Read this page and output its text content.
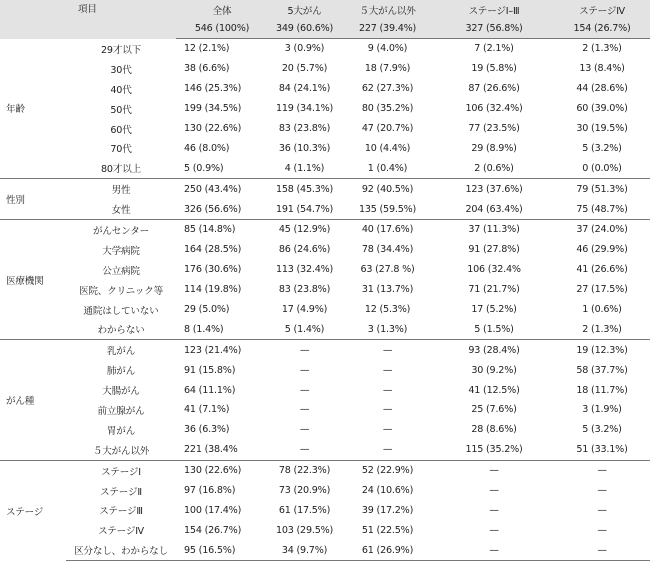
項目		全体	5大がん	５大がん以外	ステージⅠ–Ⅲ	ステージⅣ
		546 (100%)	349 (60.6%)	227 (39.4%)	327 (56.8%)	154 (26.7%)
年齢	29才以下	12 (2.1%)	3 (0.9%)	9 (4.0%)	7 (2.1%)	2 (1.3%)
	30代	38 (6.6%)	20 (5.7%)	18 (7.9%)	19 (5.8%)	13 (8.4%)
	40代	146 (25.3%)	84 (24.1%)	62 (27.3%)	87 (26.6%)	44 (28.6%)
	50代	199 (34.5%)	119 (34.1%)	80 (35.2%)	106 (32.4%)	60 (39.0%)
	60代	130 (22.6%)	83 (23.8%)	47 (20.7%)	77 (23.5%)	30 (19.5%)
	70代	46 (8.0%)	36 (10.3%)	10 (4.4%)	29 (8.9%)	5 (3.2%)
	80才以上	5 (0.9%)	4 (1.1%)	1 (0.4%)	2 (0.6%)	0 (0.0%)
性別	男性	250 (43.4%)	158 (45.3%)	92 (40.5%)	123 (37.6%)	79 (51.3%)
	女性	326 (56.6%)	191 (54.7%)	135 (59.5%)	204 (63.4%)	75 (48.7%)
医療機関	がんセンター	85 (14.8%)	45 (12.9%)	40 (17.6%)	37 (11.3%)	37 (24.0%)
	大学病院	164 (28.5%)	86 (24.6%)	78 (34.4%)	91 (27.8%)	46 (29.9%)
	公立病院	176 (30.6%)	113 (32.4%)	63 (27.8 %)	106 (32.4%	41 (26.6%)
	医院、クリニック等	114 (19.8%)	83 (23.8%)	31 (13.7%)	71 (21.7%)	27 (17.5%)
	通院はしていない	29 (5.0%)	17 (4.9%)	12 (5.3%)	17 (5.2%)	1 (0.6%)
	わからない	8 (1.4%)	5 (1.4%)	3 (1.3%)	5 (1.5%)	2 (1.3%)
がん種	乳がん	123 (21.4%)	—	—	93 (28.4%)	19 (12.3%)
	肺がん	91 (15.8%)	—	—	30 (9.2%)	58 (37.7%)
	大腸がん	64 (11.1%)	—	—	41 (12.5%)	18 (11.7%)
	前立腺がん	41 (7.1%)	—	—	25 (7.6%)	3 (1.9%)
	胃がん	36 (6.3%)	—	—	28 (8.6%)	5 (3.2%)
	５大がん以外	221 (38.4%	—	—	115 (35.2%)	51 (33.1%)
ステージ	ステージⅠ	130 (22.6%)	78 (22.3%)	52 (22.9%)	—	—
	ステージⅡ	97 (16.8%)	73 (20.9%)	24 (10.6%)	—	—
	ステージⅢ	100 (17.4%)	61 (17.5%)	39 (17.2%)	—	—
	ステージⅣ	154 (26.7%)	103 (29.5%)	51 (22.5%)	—	—
	区分なし、わからなし	95 (16.5%)	34 (9.7%)	61 (26.9%)	—	—
